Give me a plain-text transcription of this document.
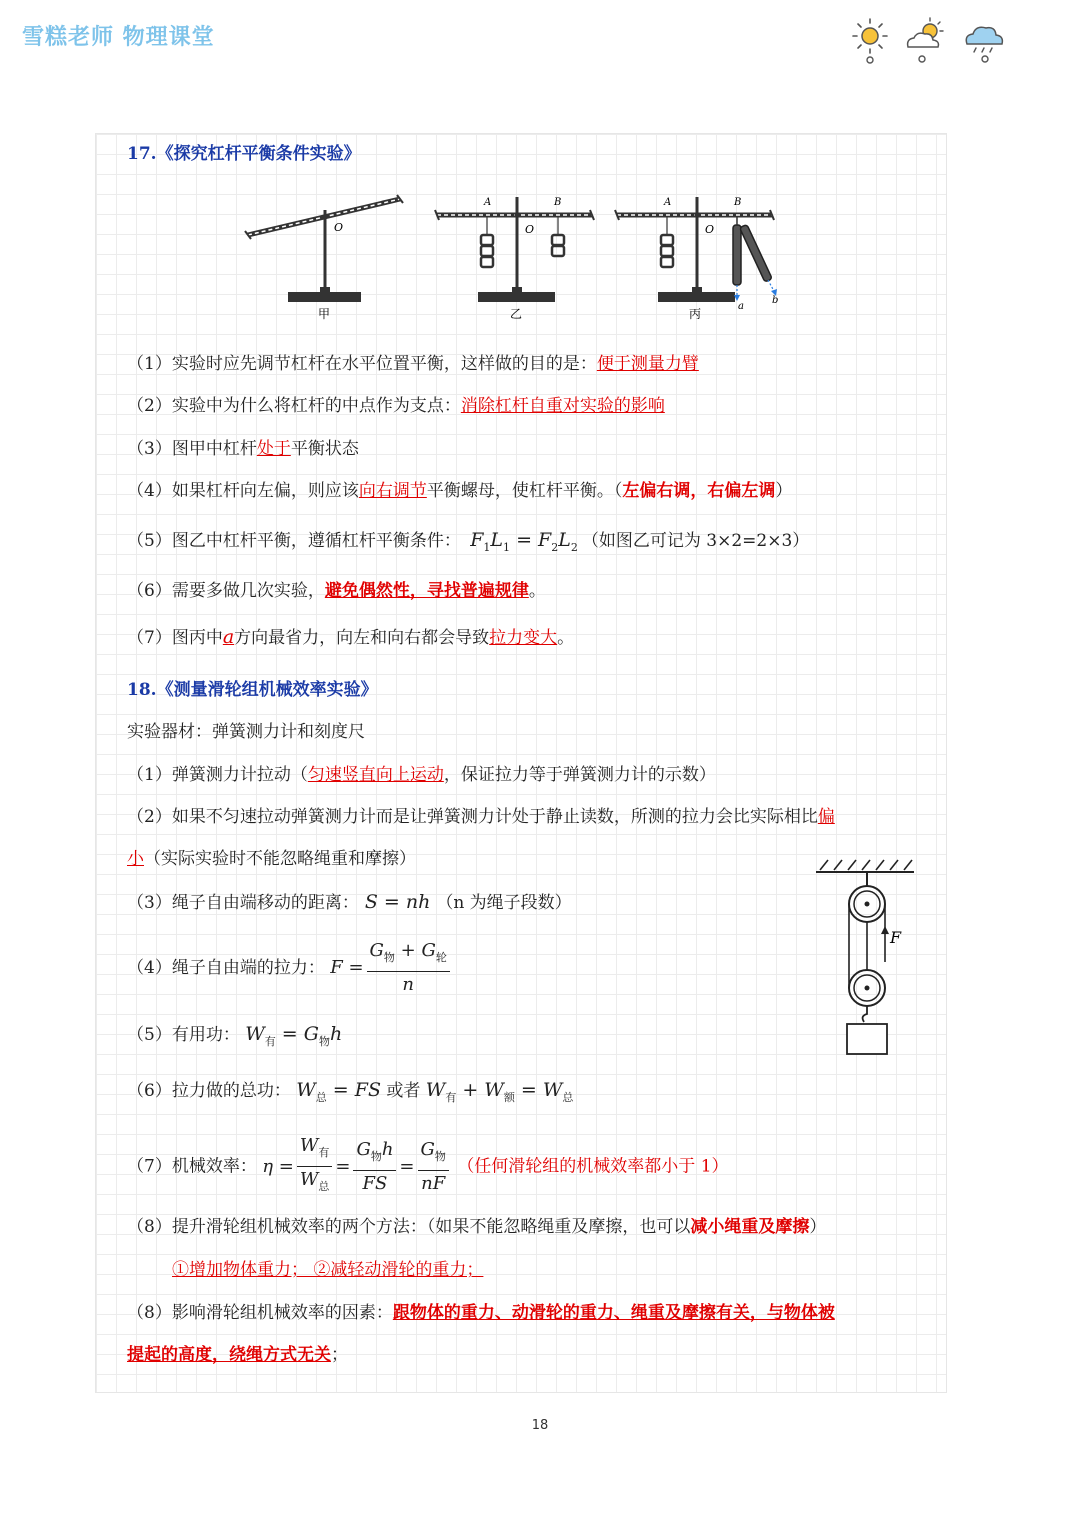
雪糕老师 物理课堂
17.《探究杠杆平衡条件实验》
O
甲
A	B
O
乙
A	B
O
a
b
丙
（1）实验时应先调节杠杆在水平位置平衡，这样做的目的是：便于测量力臂
（2）实验中为什么将杠杆的中点作为支点：消除杠杆自重对实验的影响
（3）图甲中杠杆处于平衡状态
（4）如果杠杆向左偏，则应该向右调节平衡螺母，使杠杆平衡。（左偏右调，右偏左调）
（5）图乙中杠杆平衡，遵循杠杆平衡条件： $F_1L_1 = F_2L_2$ （如图乙可记为 3×2=2×3）
（6）需要多做几次实验，避免偶然性，寻找普遍规律。
（7）图丙中a方向最省力，向左和向右都会导致拉力变大。
18.《测量滑轮组机械效率实验》
实验器材：弹簧测力计和刻度尺
（1）弹簧测力计拉动（匀速竖直向上运动，保证拉力等于弹簧测力计的示数）
（2）如果不匀速拉动弹簧测力计而是让弹簧测力计处于静止读数，所测的拉力会比实际相比偏
小（实际实验时不能忽略绳重和摩擦）
（3）绳子自由端移动的距离： S = nh （n 为绳子段数）
（4）绳子自由端的拉力： $F = \frac{G_物 + G_轮}{n}$
（5）有用功： $W_有 = G_物h$
（6）拉力做的总功： $W_总$ = FS 或者 $W_有 + W_额 = W_总$
（7）机械效率： $\eta = \frac{W_有}{W_总} = \frac{G_物h}{FS} = \frac{G_物}{nF}$ （任何滑轮组的机械效率都小于 1）
（8）提升滑轮组机械效率的两个方法：（如果不能忽略绳重及摩擦，也可以减小绳重及摩擦）
①增加物体重力； ②减轻动滑轮的重力；
（8）影响滑轮组机械效率的因素：跟物体的重力、动滑轮的重力、绳重及摩擦有关，与物体被
提起的高度，绕绳方式无关；
F
18
